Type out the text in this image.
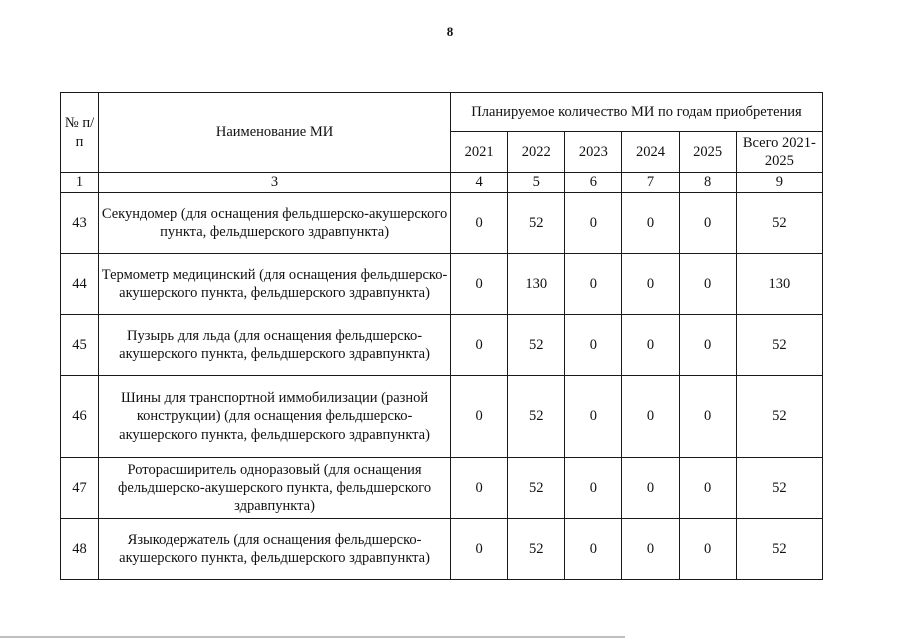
8
№ п/п	Наименование МИ	Планируемое количество МИ по годам приобретения					
		2021	2022	2023	2024	2025	Всего 2021-2025
1	3	4	5	6	7	8	9
43	Секундомер (для оснащения фельдшерско-акушерского пункта, фельдшерского здравпункта)	0	52	0	0	0	52
44	Термометр медицинский (для оснащения фельдшерско-акушерского пункта, фельдшерского здравпункта)	0	130	0	0	0	130
45	Пузырь для льда (для оснащения фельдшерско-акушерского пункта, фельдшерского здравпункта)	0	52	0	0	0	52
46	Шины для транспортной иммобилизации (разной конструкции) (для оснащения фельдшерско-акушерского пункта, фельдшерского здравпункта)	0	52	0	0	0	52
47	Роторасширитель одноразовый (для оснащения фельдшерско-акушерского пункта, фельдшерского здравпункта)	0	52	0	0	0	52
48	Языкодержатель (для оснащения фельдшерско-акушерского пункта, фельдшерского здравпункта)	0	52	0	0	0	52
